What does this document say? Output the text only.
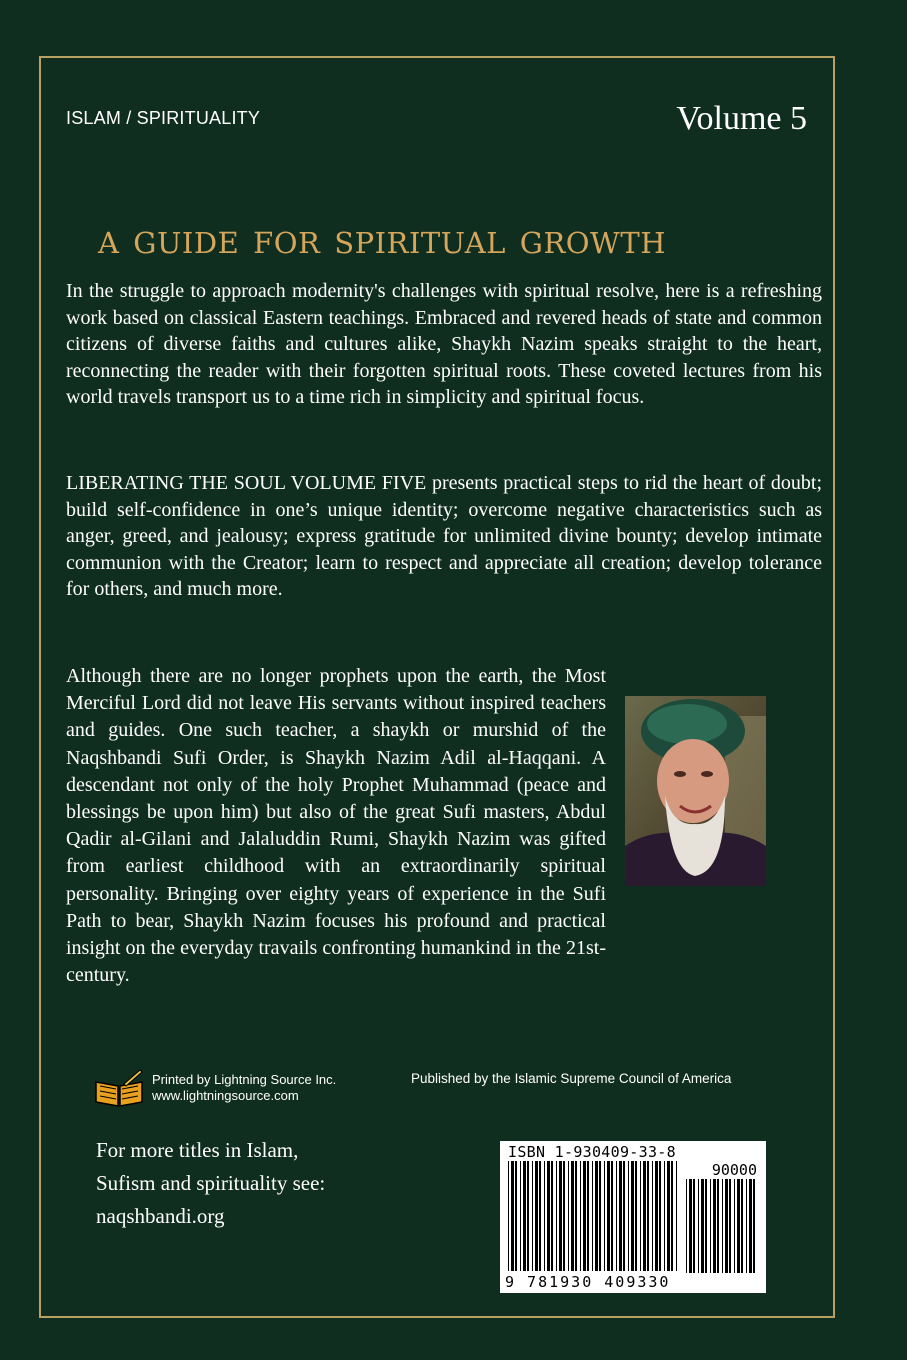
ISLAM / SPIRITUALITY	Volume 5
a guide for spiritual growth
In the struggle to approach modernity's challenges with spiritual resolve, here is a refreshing work based on classical Eastern teachings. Embraced and revered heads of state and common citizens of diverse faiths and cultures alike, Shaykh Nazim speaks straight to the heart, reconnecting the reader with their forgotten spiritual roots. These coveted lectures from his world travels transport us to a time rich in simplicity and spiritual focus.
LIBERATING THE SOUL VOLUME FIVE presents practical steps to rid the heart of doubt; build self-confidence in one’s unique identity; overcome negative characteristics such as anger, greed, and jealousy; express gratitude for unlimited divine bounty; develop intimate communion with the Creator; learn to respect and appreciate all creation; develop tolerance for others, and much more.
Although there are no longer prophets upon the earth, the Most Merciful Lord did not leave His servants without inspired teachers and guides. One such teacher, a shaykh or murshid of the Naqshbandi Sufi Order, is Shaykh Nazim Adil al-Haqqani. A descendant not only of the holy Prophet Muhammad (peace and blessings be upon him) but also of the great Sufi masters, Abdul Qadir al-Gilani and Jalaluddin Rumi, Shaykh Nazim was gifted from earliest childhood with an extraordinarily spiritual personality. Bringing over eighty years of experience in the Sufi Path to bear, Shaykh Nazim focuses his profound and practical insight on the everyday travails confronting humankind in the 21st-century.
Printed by Lightning Source Inc.
www.lightningsource.com
Published by the Islamic Supreme Council of America
For more titles in Islam,
Sufism and spirituality see:
naqshbandi.org
ISBN 1-930409-33-8
90000
9 781930 409330
